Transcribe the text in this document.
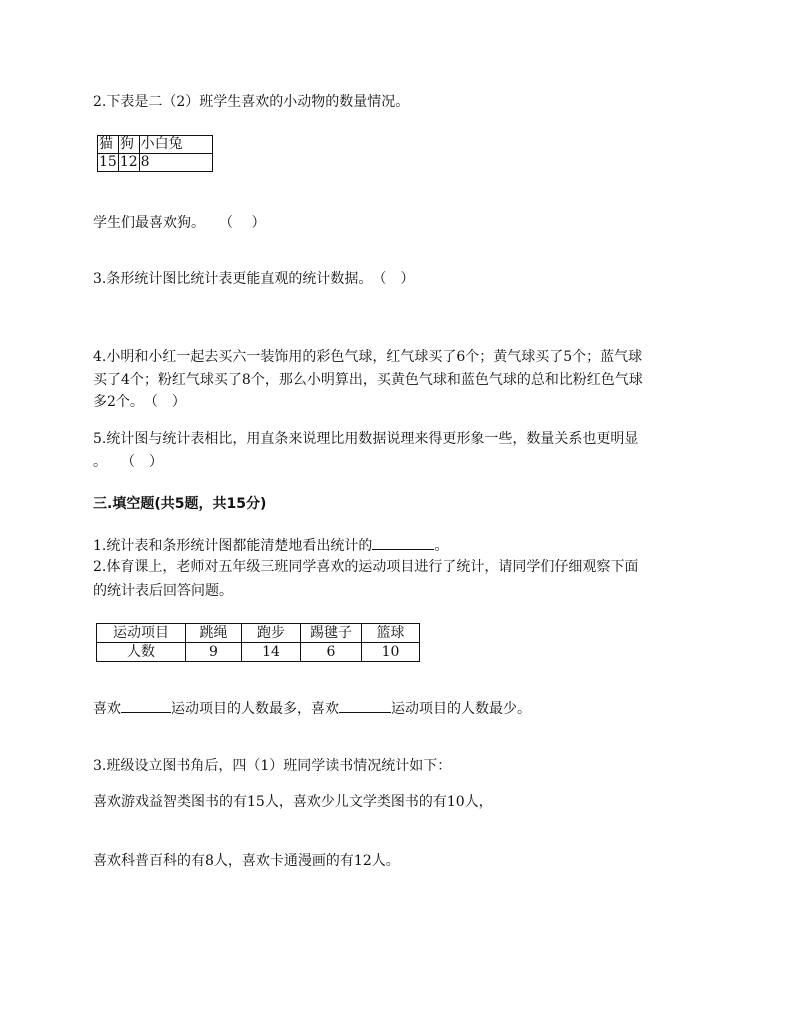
2.下表是二（2）班学生喜欢的小动物的数量情况。
猫	狗	小白兔
15	12	8
学生们最喜欢狗。　　（　 ）
3.条形统计图比统计表更能直观的统计数据。　（　）
4.小明和小红一起去买六一装饰用的彩色气球，红气球买了6个；黄气球买了5个；蓝气球
买了4个；粉红气球买了8个，那么小明算出，买黄色气球和蓝色气球的总和比粉红色气球
多2个。　（　）
5.统计图与统计表相比，用直条来说理比用数据说理来得更形象一些，数量关系也更明显
。　　（　）
三.填空题(共5题，共15分)
1.统计表和条形统计图都能清楚地看出统计的	。
2.体育课上，老师对五年级三班同学喜欢的运动项目进行了统计，请同学们仔细观察下面
的统计表后回答问题。
运动项目	跳绳	跑步	踢毽子	篮球
人数	9	14	6	10
喜欢	运动项目的人数最多，喜欢	运动项目的人数最少。
3.班级设立图书角后，四（1）班同学读书情况统计如下：
喜欢游戏益智类图书的有15人，喜欢少儿文学类图书的有10人，
喜欢科普百科的有8人，喜欢卡通漫画的有12人。
